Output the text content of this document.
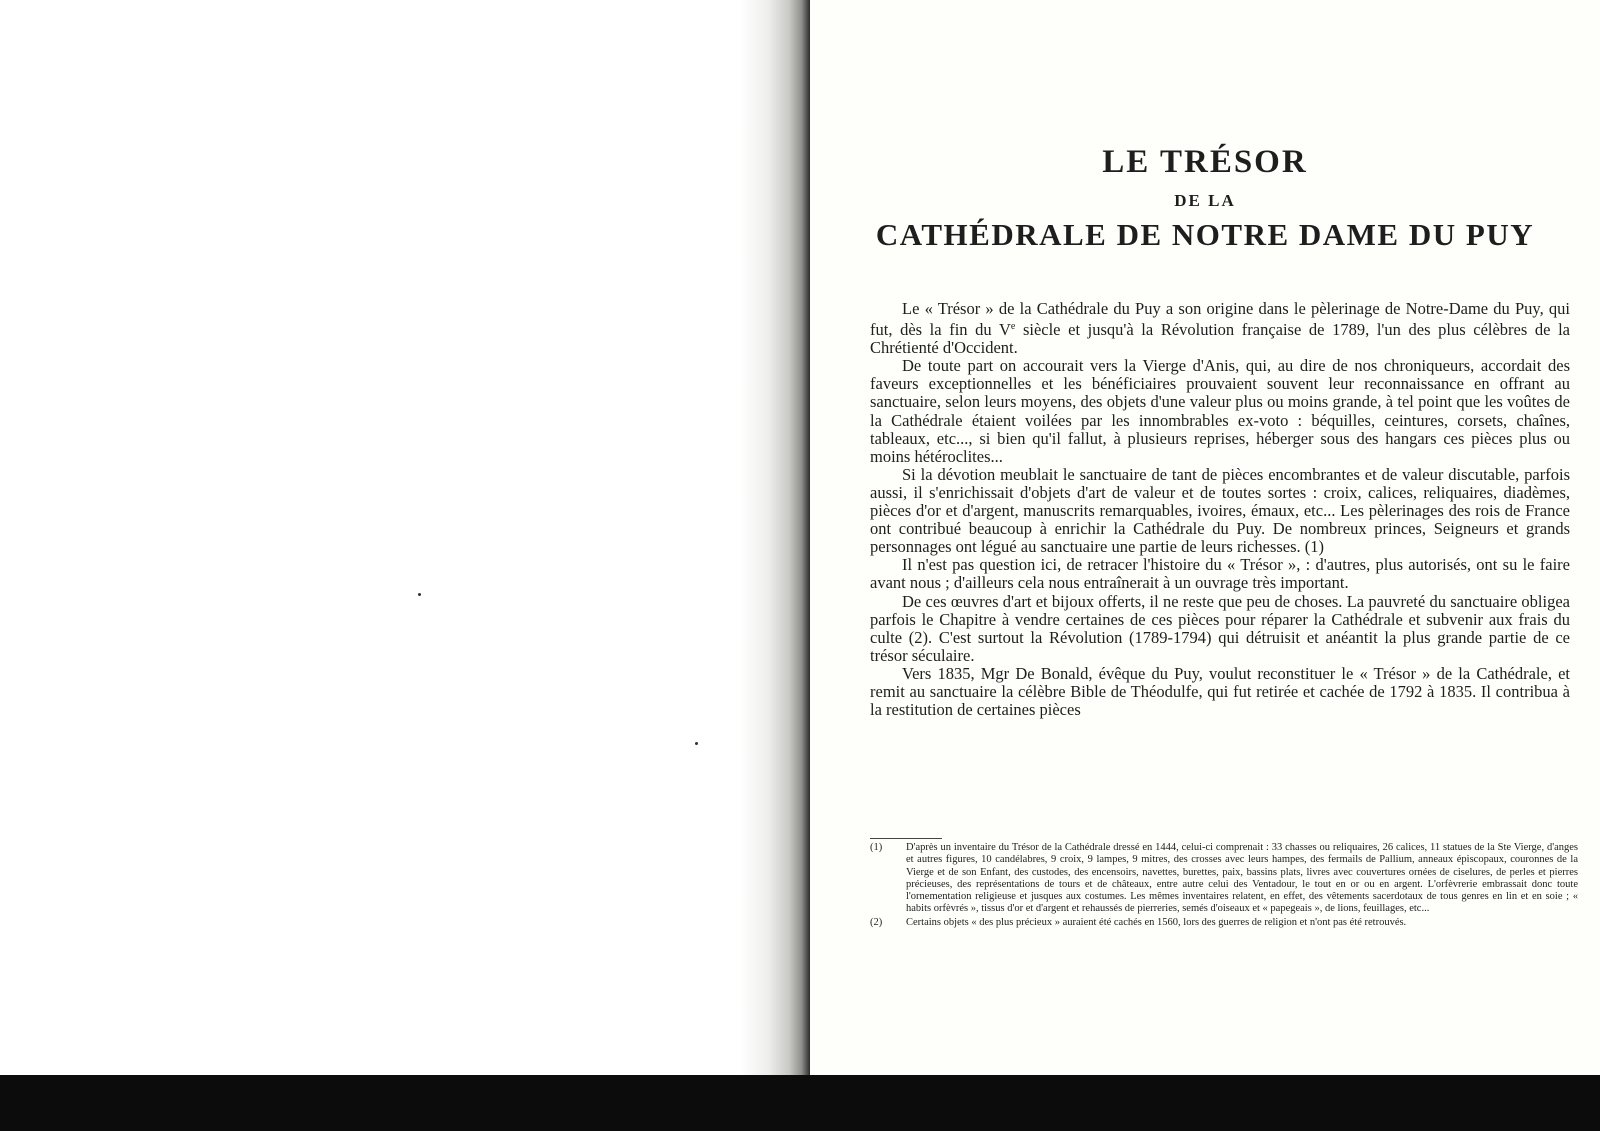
LE TRÉSOR
DE LA
CATHÉDRALE DE NOTRE DAME DU PUY

Le « Trésor » de la Cathédrale du Puy a son origine dans le pèlerinage de Notre-Dame du Puy, qui fut, dès la fin du Ve siècle et jusqu'à la Révolution française de 1789, l'un des plus célèbres de la Chrétienté d'Occident.

De toute part on accourait vers la Vierge d'Anis, qui, au dire de nos chroniqueurs, accordait des faveurs exceptionnelles et les bénéficiaires prouvaient souvent leur reconnaissance en offrant au sanctuaire, selon leurs moyens, des objets d'une valeur plus ou moins grande, à tel point que les voûtes de la Cathédrale étaient voilées par les innombrables ex-voto : béquilles, ceintures, corsets, chaînes, tableaux, etc..., si bien qu'il fallut, à plusieurs reprises, héberger sous des hangars ces pièces plus ou moins hétéroclites...

Si la dévotion meublait le sanctuaire de tant de pièces encombrantes et de valeur discutable, parfois aussi, il s'enrichissait d'objets d'art de valeur et de toutes sortes : croix, calices, reliquaires, diadèmes, pièces d'or et d'argent, manuscrits remarquables, ivoires, émaux, etc... Les pèlerinages des rois de France ont contribué beaucoup à enrichir la Cathédrale du Puy. De nombreux princes, Seigneurs et grands personnages ont légué au sanctuaire une partie de leurs richesses. (1)

Il n'est pas question ici, de retracer l'histoire du « Trésor », : d'autres, plus autorisés, ont su le faire avant nous ; d'ailleurs cela nous entraînerait à un ouvrage très important.

De ces œuvres d'art et bijoux offerts, il ne reste que peu de choses. La pauvreté du sanctuaire obligea parfois le Chapitre à vendre certaines de ces pièces pour réparer la Cathédrale et subvenir aux frais du culte (2). C'est surtout la Révolution (1789-1794) qui détruisit et anéantit la plus grande partie de ce trésor séculaire.

Vers 1835, Mgr De Bonald, évêque du Puy, voulut reconstituer le « Trésor » de la Cathédrale, et remit au sanctuaire la célèbre Bible de Théodulfe, qui fut retirée et cachée de 1792 à 1835. Il contribua à la restitution de certaines pièces

(1) D'après un inventaire du Trésor de la Cathédrale dressé en 1444, celui-ci comprenait : 33 chasses ou reliquaires, 26 calices, 11 statues de la Ste Vierge, d'anges et autres figures, 10 candélabres, 9 croix, 9 lampes, 9 mitres, des crosses avec leurs hampes, des fermails de Pallium, anneaux épiscopaux, couronnes de la Vierge et de son Enfant, des custodes, des encensoirs, navettes, burettes, paix, bassins plats, livres avec couvertures ornées de ciselures, de perles et pierres précieuses, des représentations de tours et de châteaux, entre autre celui des Ventadour, le tout en or ou en argent. L'orfèvrerie embrassait donc toute l'ornementation religieuse et jusques aux costumes. Les mêmes inventaires relatent, en effet, des vêtements sacerdotaux de tous genres en lin et en soie ; « habits orfèvrés », tissus d'or et d'argent et rehaussés de pierreries, semés d'oiseaux et « papegeais », de lions, feuillages, etc...

(2) Certains objets « des plus précieux » auraient été cachés en 1560, lors des guerres de religion et n'ont pas été retrouvés.
